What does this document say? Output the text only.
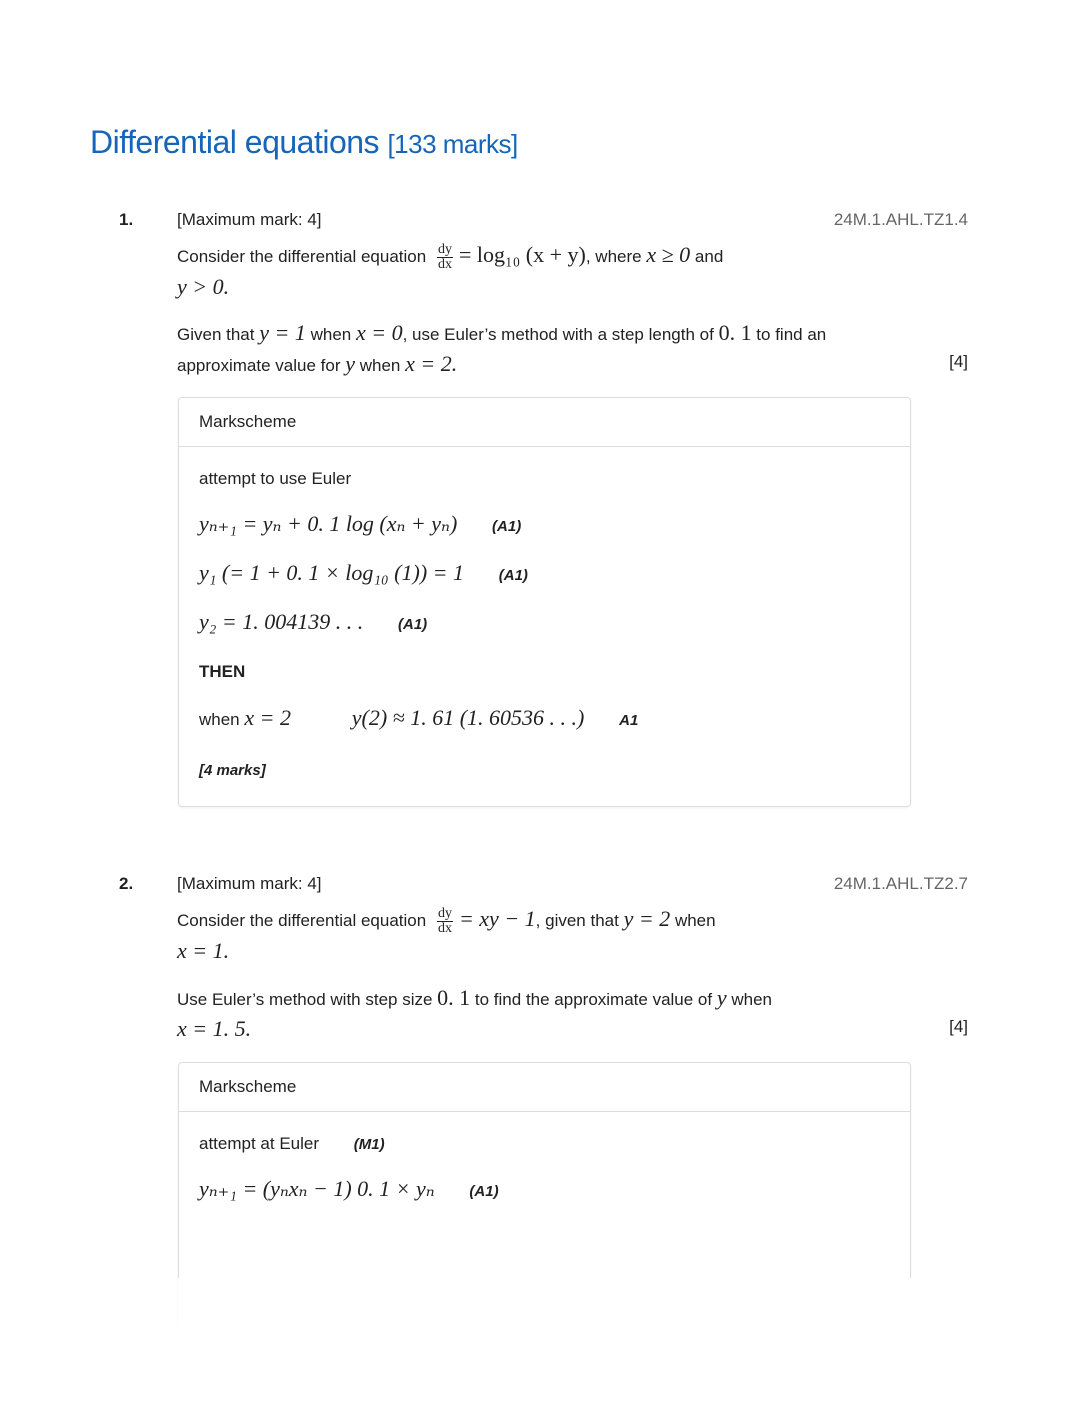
Differential equations [133 marks]
1.	[Maximum mark: 4]	24M.1.AHL.TZ1.4

Consider the differential equation $\frac{dy}{dx} = \log_{10}$ (x + y), where x ≥ 0 and
y > 0.

Given that y = 1 when x = 0, use Euler’s method with a step length of 0. 1 to find an approximate value for y when x = 2.	[4]
Markscheme
attempt to use Euler
yₙ₊₁ = yₙ + 0. 1 log (xₙ + yₙ) (A1)
y₁ (= 1 + 0. 1 × log₁₀ (1)) = 1 (A1)
y₂ = 1. 004139 . . . (A1)
THEN
when x = 2	y(2) ≈ 1. 61 (1. 60536 . . .) A1
[4 marks]
2.	[Maximum mark: 4]	24M.1.AHL.TZ2.7

Consider the differential equation $\frac{dy}{dx}$ = xy − 1, given that y = 2 when
x = 1.

Use Euler’s method with step size 0. 1 to find the approximate value of y when
x = 1. 5.	[4]
Markscheme
attempt at Euler (M1)
yₙ₊₁ = (yₙxₙ − 1) 0. 1 × yₙ (A1)
